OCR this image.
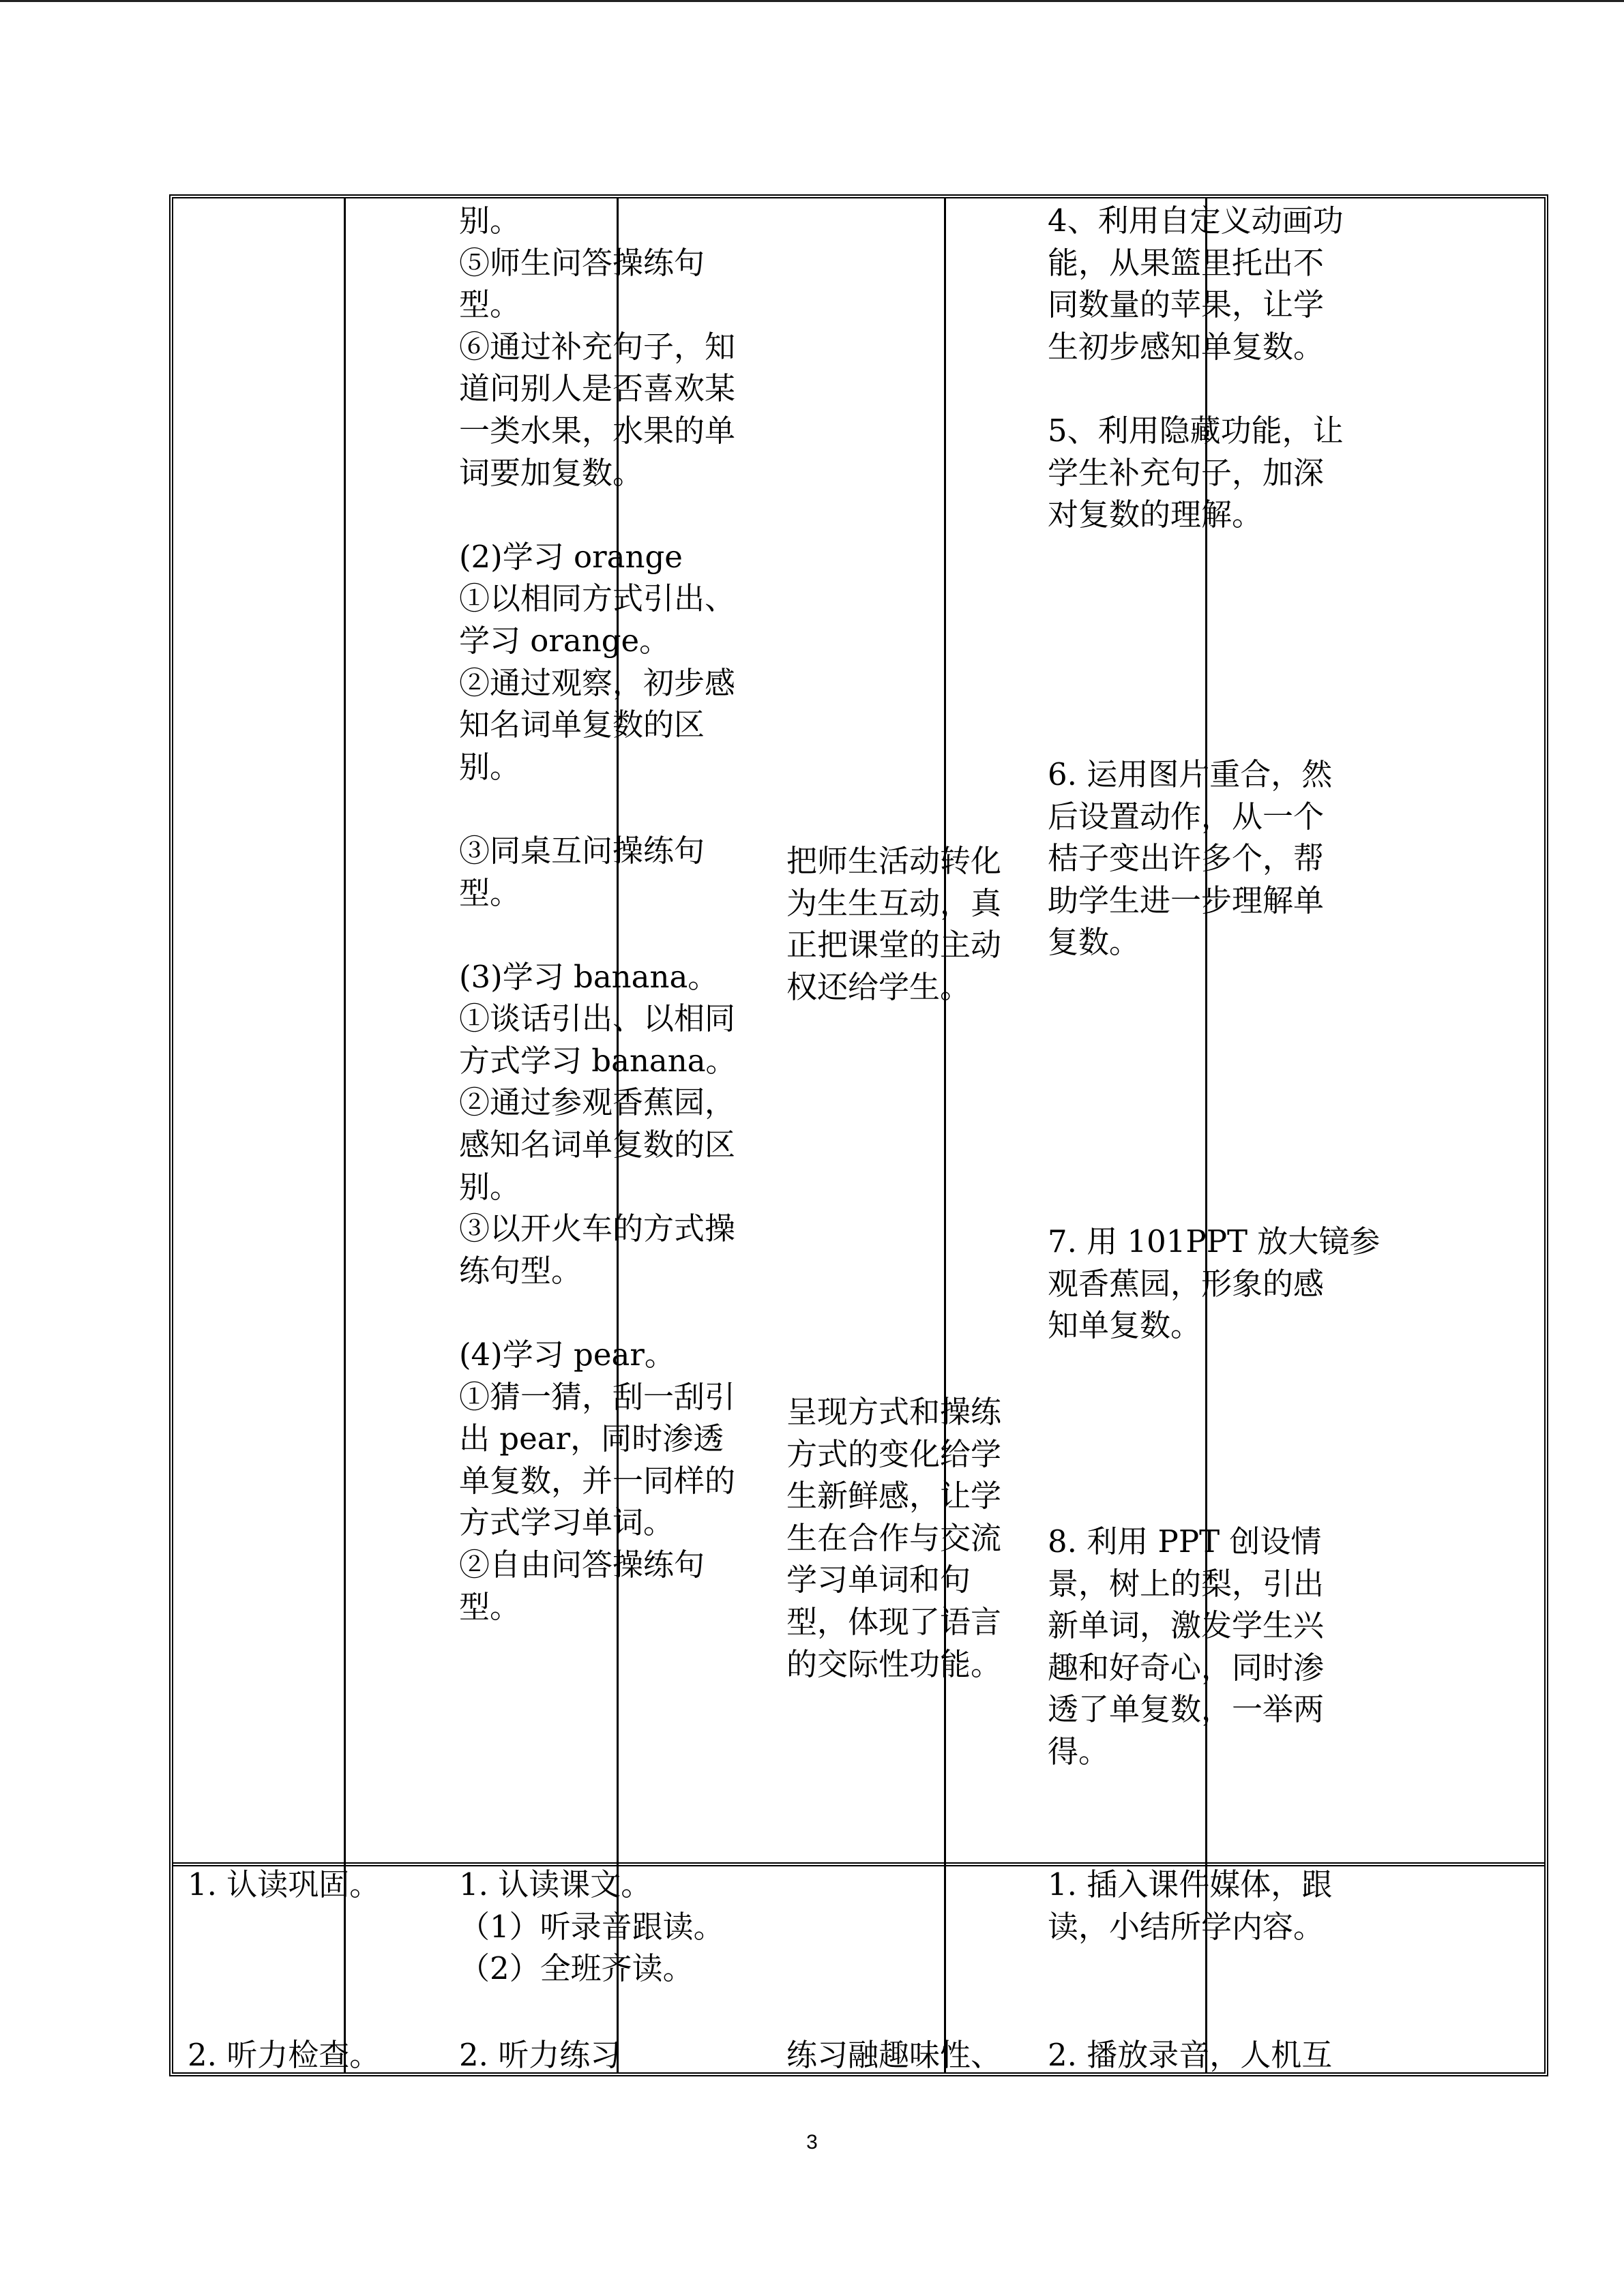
别。
⑤师生问答操练句
型。
⑥通过补充句子，知
道问别人是否喜欢某
一类水果，水果的单
词要加复数。

(2)学习 orange
①以相同方式引出、
学习 orange。
②通过观察，初步感
知名词单复数的区
别。

③同桌互问操练句
型。

(3)学习 banana。
①谈话引出、以相同
方式学习 banana。
②通过参观香蕉园，
感知名词单复数的区
别。
③以开火车的方式操
练句型。

(4)学习 pear。
①猜一猜，刮一刮引
出 pear，同时渗透
单复数，并一同样的
方式学习单词。
②自由问答操练句
型。
把师生活动转化
为生生互动，真
正把课堂的主动
权还给学生。
呈现方式和操练
方式的变化给学
生新鲜感，让学
生在合作与交流
学习单词和句
型，体现了语言
的交际性功能。
4、利用自定义动画功
能，从果篮里托出不
同数量的苹果，让学
生初步感知单复数。

5、利用隐藏功能，让
学生补充句子，加深
对复数的理解。
6. 运用图片重合，然
后设置动作，从一个
桔子变出许多个，帮
助学生进一步理解单
复数。
7. 用 101PPT 放大镜参
观香蕉园，形象的感
知单复数。
8. 利用 PPT 创设情
景，树上的梨，引出
新单词，激发学生兴
趣和好奇心，同时渗
透了单复数，一举两
得。
1. 认读巩固。
2. 听力检查。
1. 认读课文。
（1）听录音跟读。
（2）全班齐读。
2. 听力练习	练习融趣味性、
1. 插入课件媒体，跟
读，小结所学内容。
2. 播放录音，人机互
3
